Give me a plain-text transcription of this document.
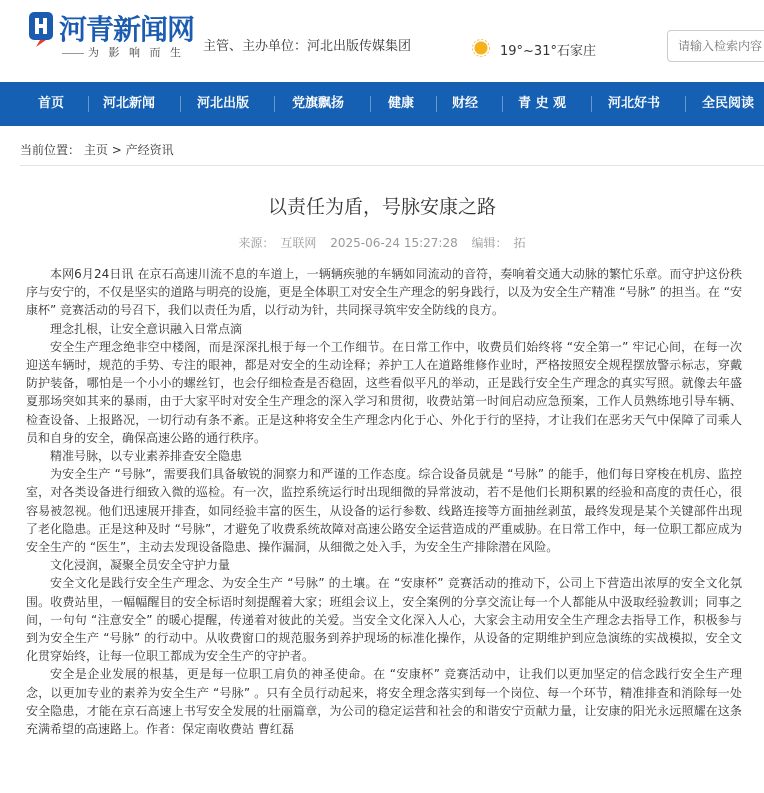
河青新闻网
为 影 响 而 生 主管、主办单位：河北出版传媒集团	19°~31°石家庄
请输入检索内容
首页	河北新闻	河北出版	党旗飘扬	健康	财经	青 史 观	河北好书	全民阅读
当前位置： 主页 > 产经资讯
以责任为盾，号脉安康之路
来源： 互联网 2025-06-24 15:27:28 编辑： 拓

本网6月24日讯 在京石高速川流不息的车道上，一辆辆疾驰的车辆如同流动的音符，奏响着交通大动脉的繁忙乐章。而守护这份秩序与安宁的，不仅是坚实的道路与明亮的设施，更是全体职工对安全生产理念的躬身践行，以及为安全生产精准 “号脉” 的担当。在 “安康杯” 竞赛活动的号召下，我们以责任为盾，以行动为针，共同探寻筑牢安全防线的良方。

理念扎根，让安全意识融入日常点滴

安全生产理念绝非空中楼阁，而是深深扎根于每一个工作细节。在日常工作中，收费员们始终将 “安全第一” 牢记心间，在每一次迎送车辆时，规范的手势、专注的眼神，都是对安全的生动诠释；养护工人在道路维修作业时，严格按照安全规程摆放警示标志，穿戴防护装备，哪怕是一个小小的螺丝钉，也会仔细检查是否稳固，这些看似平凡的举动，正是践行安全生产理念的真实写照。就像去年盛夏那场突如其来的暴雨，由于大家平时对安全生产理念的深入学习和贯彻，收费站第一时间启动应急预案，工作人员熟练地引导车辆、检查设备、上报路况，一切行动有条不紊。正是这种将安全生产理念内化于心、外化于行的坚持，才让我们在恶劣天气中保障了司乘人员和自身的安全，确保高速公路的通行秩序。

精准号脉，以专业素养排查安全隐患

为安全生产 “号脉”，需要我们具备敏锐的洞察力和严谨的工作态度。综合设备员就是 “号脉” 的能手，他们每日穿梭在机房、监控室，对各类设备进行细致入微的巡检。有一次，监控系统运行时出现细微的异常波动，若不是他们长期积累的经验和高度的责任心，很容易被忽视。他们迅速展开排查，如同经验丰富的医生，从设备的运行参数、线路连接等方面抽丝剥茧，最终发现是某个关键部件出现了老化隐患。正是这种及时 “号脉”，才避免了收费系统故障对高速公路安全运营造成的严重威胁。在日常工作中，每一位职工都应成为安全生产的 “医生”，主动去发现设备隐患、操作漏洞，从细微之处入手，为安全生产排除潜在风险。

文化浸润，凝聚全员安全守护力量

安全文化是践行安全生产理念、为安全生产 “号脉” 的土壤。在 “安康杯” 竞赛活动的推动下，公司上下营造出浓厚的安全文化氛围。收费站里，一幅幅醒目的安全标语时刻提醒着大家；班组会议上，安全案例的分享交流让每一个人都能从中汲取经验教训；同事之间，一句句 “注意安全” 的暖心提醒，传递着对彼此的关爱。当安全文化深入人心，大家会主动用安全生产理念去指导工作，积极参与到为安全生产 “号脉” 的行动中。从收费窗口的规范服务到养护现场的标准化操作，从设备的定期维护到应急演练的实战模拟，安全文化贯穿始终，让每一位职工都成为安全生产的守护者。

安全是企业发展的根基，更是每一位职工肩负的神圣使命。在 “安康杯” 竞赛活动中，让我们以更加坚定的信念践行安全生产理念，以更加专业的素养为安全生产 “号脉” 。只有全员行动起来，将安全理念落实到每一个岗位、每一个环节，精准排查和消除每一处安全隐患，才能在京石高速上书写安全发展的壮丽篇章，为公司的稳定运营和社会的和谐安宁贡献力量，让安康的阳光永远照耀在这条充满希望的高速路上。作者：保定南收费站 曹红磊
